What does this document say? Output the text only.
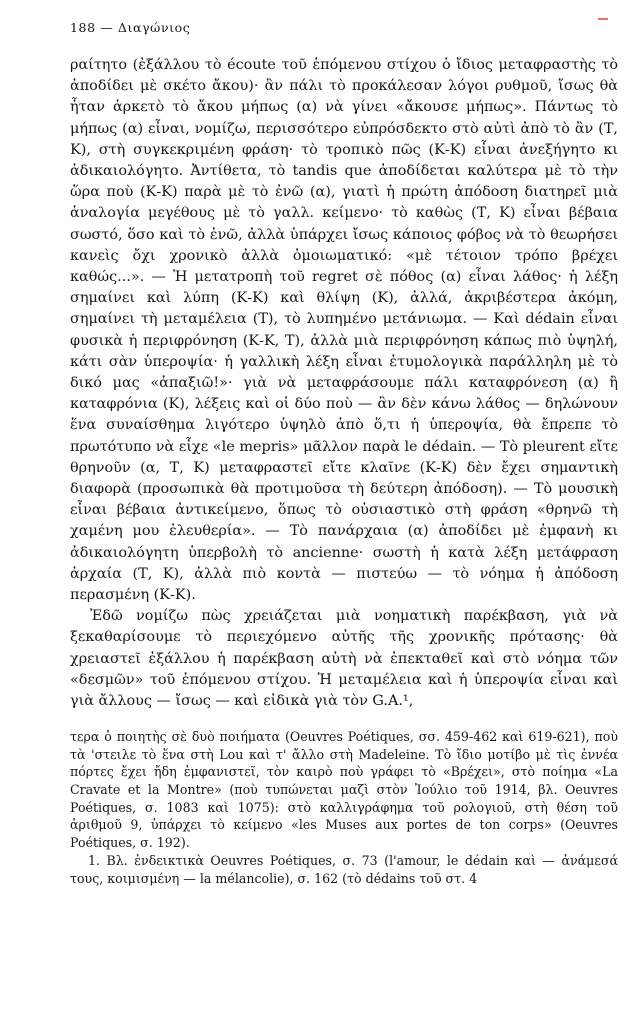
188 — Διαγώνιος

ραίτητο (ἐξάλλου τὸ écoute τοῦ ἑπόμενου στίχου ὁ ἴδιος μεταφραστὴς τὸ ἀποδίδει μὲ σκέτο ἄκου)· ἂν πάλι τὸ προκάλεσαν λόγοι ρυθμοῦ, ἴσως θὰ ἦταν ἀρκετὸ τὸ ἄκου μήπως (α) νὰ γίνει «ἄκουσε μήπως». Πάντως τὸ μήπως (α) εἶναι, νομίζω, περισσότερο εὐπρόσδεκτο στὸ αὐτὶ ἀπὸ τὸ ἂν (Τ, Κ), στὴ συγκεκριμένη φράση· τὸ τροπικὸ πῶς (Κ-Κ) εἶναι ἀνεξήγητο κι ἀδικαιολόγητο. Ἀντίθετα, τὸ tandis que ἀποδίδεται καλύτερα μὲ τὸ τὴν ὥρα ποὺ (Κ-Κ) παρὰ μὲ τὸ ἐνῶ (α), γιατὶ ἡ πρώτη ἀπόδοση διατηρεῖ μιὰ ἀναλογία μεγέθους μὲ τὸ γαλλ. κείμενο· τὸ καθὼς (Τ, Κ) εἶναι βέβαια σωστό, ὅσο καὶ τὸ ἐνῶ, ἀλλὰ ὑπάρχει ἴσως κάποιος φόβος νὰ τὸ θεωρήσει κανεὶς ὄχι χρονικὸ ἀλλὰ ὁμοιωματικό: «μὲ τέτοιον τρόπο βρέχει καθώς...». — Ἡ μετατροπὴ τοῦ regret σὲ πόθος (α) εἶναι λάθος· ἡ λέξη σημαίνει καὶ λύπη (Κ-Κ) καὶ θλίψη (Κ), ἀλλά, ἀκριβέστερα ἀκόμη, σημαίνει τὴ μεταμέλεια (Τ), τὸ λυπημένο μετάνιωμα. — Καὶ dédain εἶναι φυσικὰ ἡ περιφρόνηση (Κ-Κ, Τ), ἀλλὰ μιὰ περιφρόνηση κάπως πιὸ ὑψηλή, κάτι σὰν ὑπεροψία· ἡ γαλλικὴ λέξη εἶναι ἐτυμολογικὰ παράλληλη μὲ τὸ δικό μας «ἀπαξιῶ!»· γιὰ νὰ μεταφράσουμε πάλι καταφρόνεση (α) ἢ καταφρόνια (Κ), λέξεις καὶ οἱ δύο ποὺ — ἂν δὲν κάνω λάθος — δηλώνουν ἕνα συναίσθημα λιγότερο ὑψηλὸ ἀπὸ ὅ,τι ἡ ὑπεροψία, θὰ ἔπρεπε τὸ πρωτότυπο νὰ εἶχε «le mepris» μᾶλλον παρὰ le dédain. — Τὸ pleurent εἴτε θρηνοῦν (α, Τ, Κ) μεταφραστεῖ εἴτε κλαῖνε (Κ-Κ) δὲν ἔχει σημαντικὴ διαφορὰ (προσωπικὰ θὰ προτιμοῦσα τὴ δεύτερη ἀπόδοση). — Τὸ μουσικὴ εἶναι βέβαια ἀντικείμενο, ὅπως τὸ οὐσιαστικὸ στὴ φράση «θρηνῶ τὴ χαμένη μου ἐλευθερία». — Τὸ πανάρχαια (α) ἀποδίδει μὲ ἐμφανὴ κι ἀδικαιολόγητη ὑπερβολὴ τὸ ancienne· σωστὴ ἡ κατὰ λέξη μετάφραση ἀρχαία (Τ, Κ), ἀλλὰ πιὸ κοντὰ — πιστεύω — τὸ νόημα ἡ ἀπόδοση περασμένη (Κ-Κ).

Ἐδῶ νομίζω πὼς χρειάζεται μιὰ νοηματικὴ παρέκβαση, γιὰ νὰ ξεκαθαρίσουμε τὸ περιεχόμενο αὐτῆς τῆς χρονικῆς πρότασης· θὰ χρειαστεῖ ἐξάλλου ἡ παρέκβαση αὐτὴ νὰ ἐπεκταθεῖ καὶ στὸ νόημα τῶν «δεσμῶν» τοῦ ἑπόμενου στίχου. Ἡ μεταμέλεια καὶ ἡ ὑπεροψία εἶναι καὶ γιὰ ἄλλους — ἴσως — καὶ εἰδικὰ γιὰ τὸν G.A.¹,

τερα ὁ ποιητὴς σὲ δυὸ ποιήματα (Oeuvres Poétiques, σσ. 459-462 καὶ 619-621), ποὺ τὰ 'στειλε τὸ ἕνα στὴ Lou καὶ τ' ἄλλο στὴ Madeleine. Τὸ ἴδιο μοτίβο μὲ τὶς ἐννέα πόρτες ἔχει ἤδη ἐμφανιστεῖ, τὸν καιρὸ ποὺ γράφει τὸ «Βρέχει», στὸ ποίημα «La Cravate et la Montre» (ποὺ τυπώνεται μαζὶ στὸν Ἰούλιο τοῦ 1914, βλ. Oeuvres Poétiques, σ. 1083 καὶ 1075): στὸ καλλιγράφημα τοῦ ρολογιοῦ, στὴ θέση τοῦ ἀριθμοῦ 9, ὑπάρχει τὸ κείμενο «les Muses aux portes de ton corps» (Oeuvres Poétiques, σ. 192).

1. Βλ. ἐνδεικτικὰ Oeuvres Poétiques, σ. 73 (l'amour, le dédain καὶ — ἀνάμεσά τους, κοιμισμένη — la mélancolie), σ. 162 (τὸ dédains τοῦ στ. 4
